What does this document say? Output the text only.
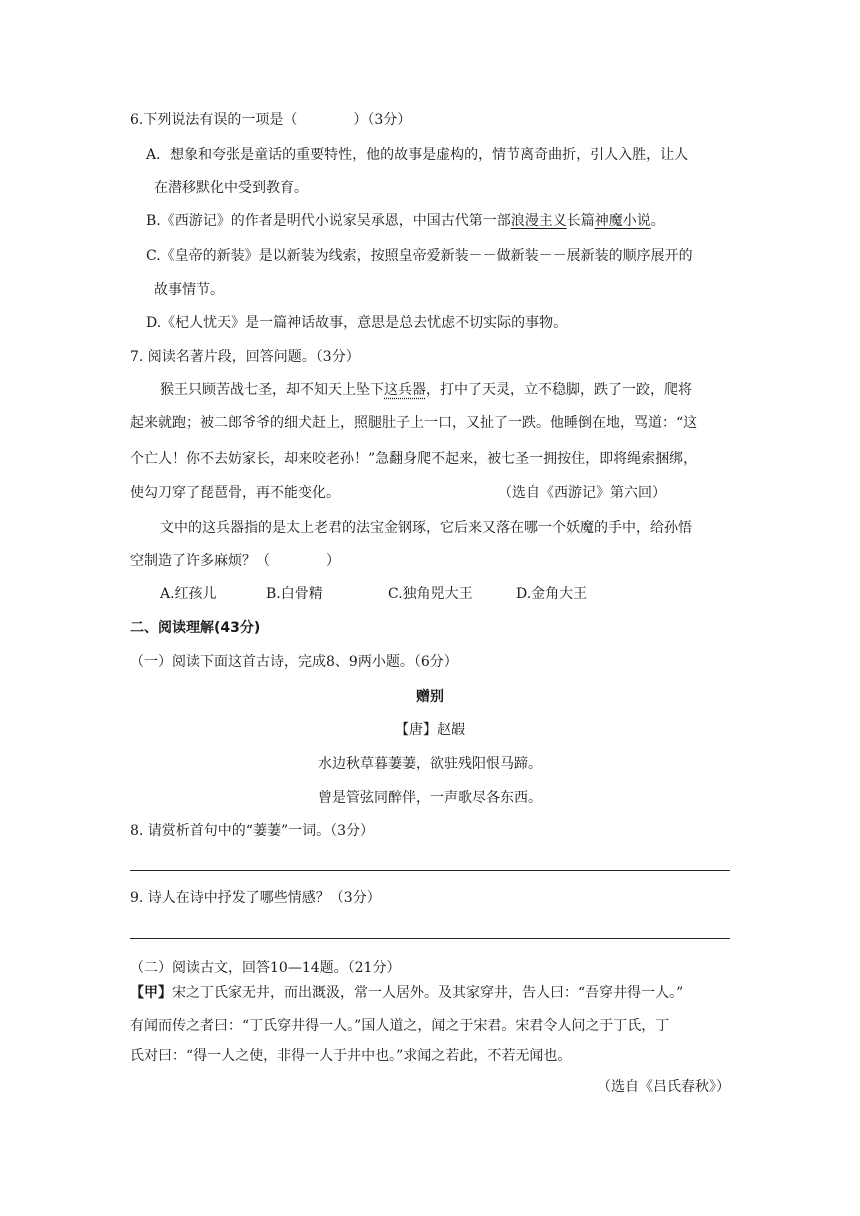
6.下列说法有误的一项是（　　　　）（3分）
A．想象和夸张是童话的重要特性，他的故事是虚构的，情节离奇曲折，引人入胜，让人
在潜移默化中受到教育。
B.《西游记》的作者是明代小说家吴承恩，中国古代第一部浪漫主义长篇神魔小说。
C.《皇帝的新装》是以新装为线索，按照皇帝爱新装－－做新装－－展新装的顺序展开的
故事情节。
D.《杞人忧天》是一篇神话故事，意思是总去忧虑不切实际的事物。
7. 阅读名著片段，回答问题。（3分）
猴王只顾苦战七圣，却不知天上坠下这兵器，打中了天灵，立不稳脚，跌了一跤，爬将
起来就跑；被二郎爷爷的细犬赶上，照腿肚子上一口，又扯了一跌。他睡倒在地，骂道：“这
个亡人！你不去妨家长，却来咬老孙！”急翻身爬不起来，被七圣一拥按住，即将绳索捆绑，
使勾刀穿了琵琶骨，再不能变化。	（选自《西游记》第六回）
文中的这兵器指的是太上老君的法宝金钢琢，它后来又落在哪一个妖魔的手中，给孙悟
空制造了许多麻烦？（　　　　）
A.红孩儿	B.白骨精	C.独角兕大王	D.金角大王
二、阅读理解(43分)
（一）阅读下面这首古诗，完成8、9两小题。（6分）
赠别
【唐】赵嘏
水边秋草暮萋萋，欲驻残阳恨马蹄。
曾是管弦同醉伴，一声歌尽各东西。
8. 请赏析首句中的“萋萋”一词。（3分）
9. 诗人在诗中抒发了哪些情感？（3分）
（二）阅读古文，回答10—14题。（21分）
【甲】宋之丁氏家无井，而出溉汲，常一人居外。及其家穿井，告人曰：“吾穿井得一人。”
有闻而传之者曰：“丁氏穿井得一人。”国人道之，闻之于宋君。宋君令人问之于丁氏，丁
氏对曰：“得一人之使，非得一人于井中也。”求闻之若此，不若无闻也。
（选自《吕氏春秋》）
